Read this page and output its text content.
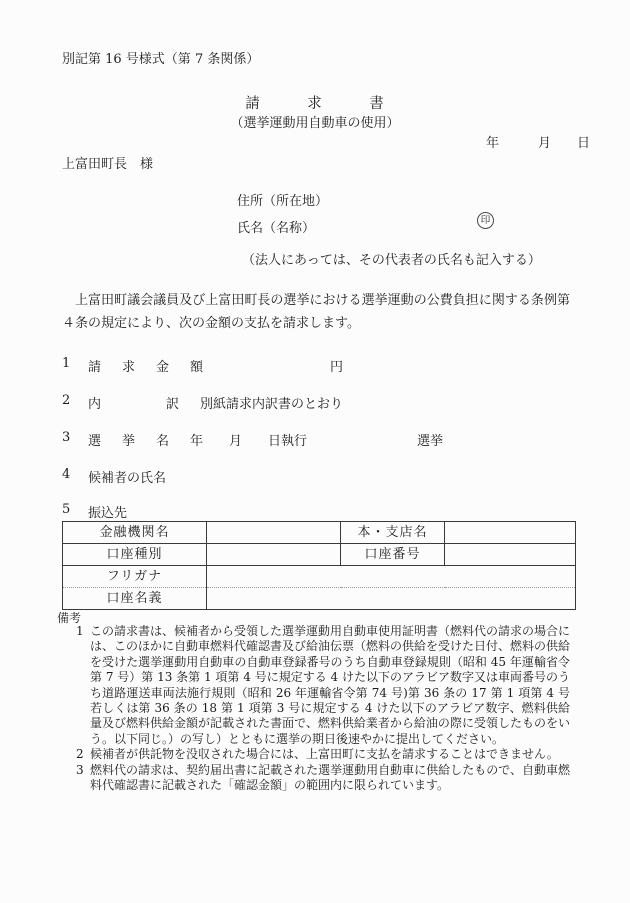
別記第 16 号様式（第 7 条関係）
請　　　求　　　書
（選挙運動用自動車の使用）
年　　　月　　日
上富田町長　様
住所（所在地）
氏名（名称）
印
（法人にあっては、その代表者の氏名も記入する）
上富田町議会議員及び上富田町長の選挙における選挙運動の公費負担に関する条例第４条の規定により、次の金額の支払を請求します。
1 請　求　金　額	円
2 内　　　　　訳 別紙請求内訳書のとおり
3 選　挙　名 年　　月　　日執行	選挙
4 候補者の氏名
5 振込先
金融機関名		本・支店名	
口座種別		口座番号	
フリガナ			
口座名義			
備考
1 この請求書は、候補者から受領した選挙運動用自動車使用証明書（燃料代の請求の場合には、このほかに自動車燃料代確認書及び給油伝票（燃料の供給を受けた日付、燃料の供給を受けた選挙運動用自動車の自動車登録番号のうち自動車登録規則（昭和 45 年運輸省令第 7 号）第 13 条第 1 項第 4 号に規定する 4 けた以下のアラビア数字又は車両番号のうち道路運送車両法施行規則（昭和 26 年運輸省令第 74 号)第 36 条の 17 第 1 項第 4 号若しくは第 36 条の 18 第 1 項第 3 号に規定する 4 けた以下のアラビア数字、燃料供給量及び燃料供給金額が記載された書面で、燃料供給業者から給油の際に受領したものをいう。以下同じ。）の写し）とともに選挙の期日後速やかに提出してください。
2 候補者が供託物を没収された場合には、上富田町に支払を請求することはできません。
3 燃料代の請求は、契約届出書に記載された選挙運動用自動車に供給したもので、自動車燃料代確認書に記載された「確認金額」の範囲内に限られています。
